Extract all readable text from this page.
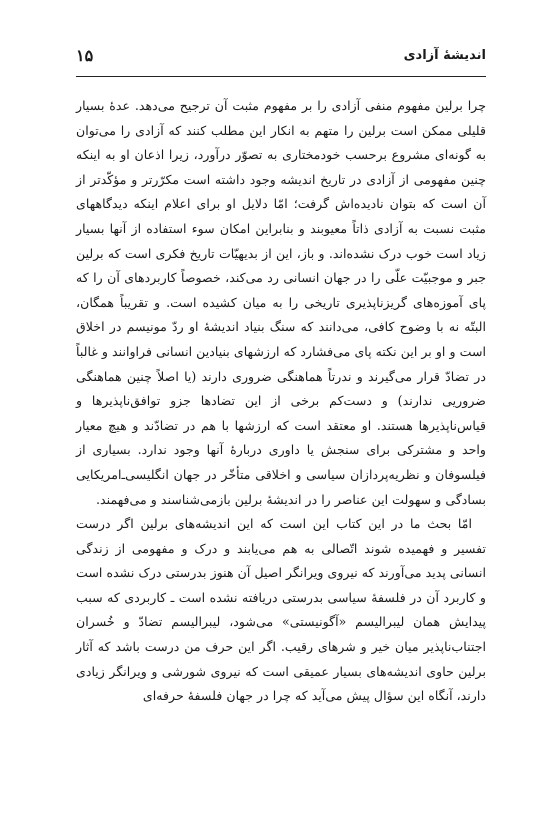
اندیشهٔ آزادی
۱۵

چرا برلین مفهوم منفی آزادی را بر مفهوم مثبت آن ترجیح می‌دهد. عدهٔ بسیار قلیلی ممکن است برلین را متهم به انکار این مطلب کنند که آزادی را می‌توان به گونه‌ای مشروع برحسب خودمختاری به تصوّر درآورد، زیرا اذعان او به اینکه چنین مفهومی از آزادی در تاریخ اندیشه وجود داشته است مکرّرتر و مؤکّدتر از آن است که بتوان نادیده‌اش گرفت؛ امّا دلایل او برای اعلام اینکه دیدگاههای مثبت نسبت به آزادی ذاتاً معیوبند و بنابراین امکان سوء استفاده از آنها بسیار زیاد است خوب درک نشده‌اند. و باز، این از بدیهیّات تاریخ فکری است که برلین جبر و موجبیّت علّی را در جهان انسانی رد می‌کند، خصوصاً کاربردهای آن را که پای آموزه‌های گریزناپذیری تاریخی را به میان کشیده است. و تقریباً همگان، البتّه نه با وضوح کافی، می‌دانند که سنگ بنیاد اندیشهٔ او ردّ مونیسم در اخلاق است و او بر این نکته پای می‌فشارد که ارزشهای بنیادین انسانی فراوانند و غالباً در تضادّ قرار می‌گیرند و ندرتاً هماهنگی ضروری دارند (یا اصلاً چنین هماهنگی ضروریی ندارند) و دست‌کم برخی از این تضادها جزو توافق‌ناپذیرها و قیاس‌ناپذیرها هستند. او معتقد است که ارزشها با هم در تضادّند و هیچ معیار واحد و مشترکی برای سنجش یا داوری دربارهٔ آنها وجود ندارد. بسیاری از فیلسوفان و نظریه‌پردازان سیاسی و اخلاقی متأخّر در جهان انگلیسی‌ـ‌امریکایی بسادگی و سهولت این عناصر را در اندیشهٔ برلین بازمی‌شناسند و می‌فهمند.

امّا بحث ما در این کتاب این است که این اندیشه‌های برلین اگر درست تفسیر و فهمیده شوند اتّصالی به هم می‌یابند و درک و مفهومی از زندگی انسانی پدید می‌آورند که نیروی ویرانگر اصیل آن هنوز بدرستی درک نشده است و کاربرد آن در فلسفهٔ سیاسی بدرستی دریافته نشده است ـ کاربردی که سبب پیدایش همان لیبرالیسم «آگونیستی» می‌شود، لیبرالیسم تضادّ و خُسران اجتناب‌ناپذیر میان خیر و شرهای رقیب. اگر این حرف من درست باشد که آثار برلین حاوی اندیشه‌های بسیار عمیقی است که نیروی شورشی و ویرانگر زیادی دارند، آنگاه این سؤال پیش می‌آید که چرا در جهان فلسفهٔ حرفه‌ای
